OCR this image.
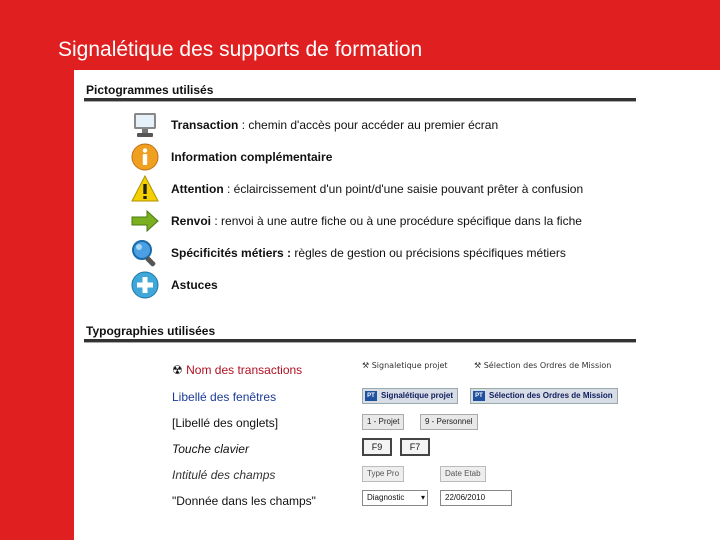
Signalétique des supports de formation
Pictogrammes utilisés
Transaction : chemin d'accès pour accéder au premier écran
Information complémentaire
Attention : éclaircissement d'un point/d'une saisie pouvant prêter à confusion
Renvoi : renvoi à une autre fiche ou à une procédure spécifique dans la fiche
Spécificités métiers : règles de gestion ou précisions spécifiques métiers
Astuces
Typographies utilisées
☢ Nom des transactions	⚒ Signaletique projet	⚒ Sélection des Ordres de Mission
Libellé des fenêtres	PT Signalétique projet	PT Sélection des Ordres de Mission
[Libellé des onglets]	1 - Projet	9 - Personnel
Touche clavier	F9	F7
Intitulé des champs	Type Pro	Date Etab
"Donnée dans les champs"	Diagnostic ▾	22/06/2010
